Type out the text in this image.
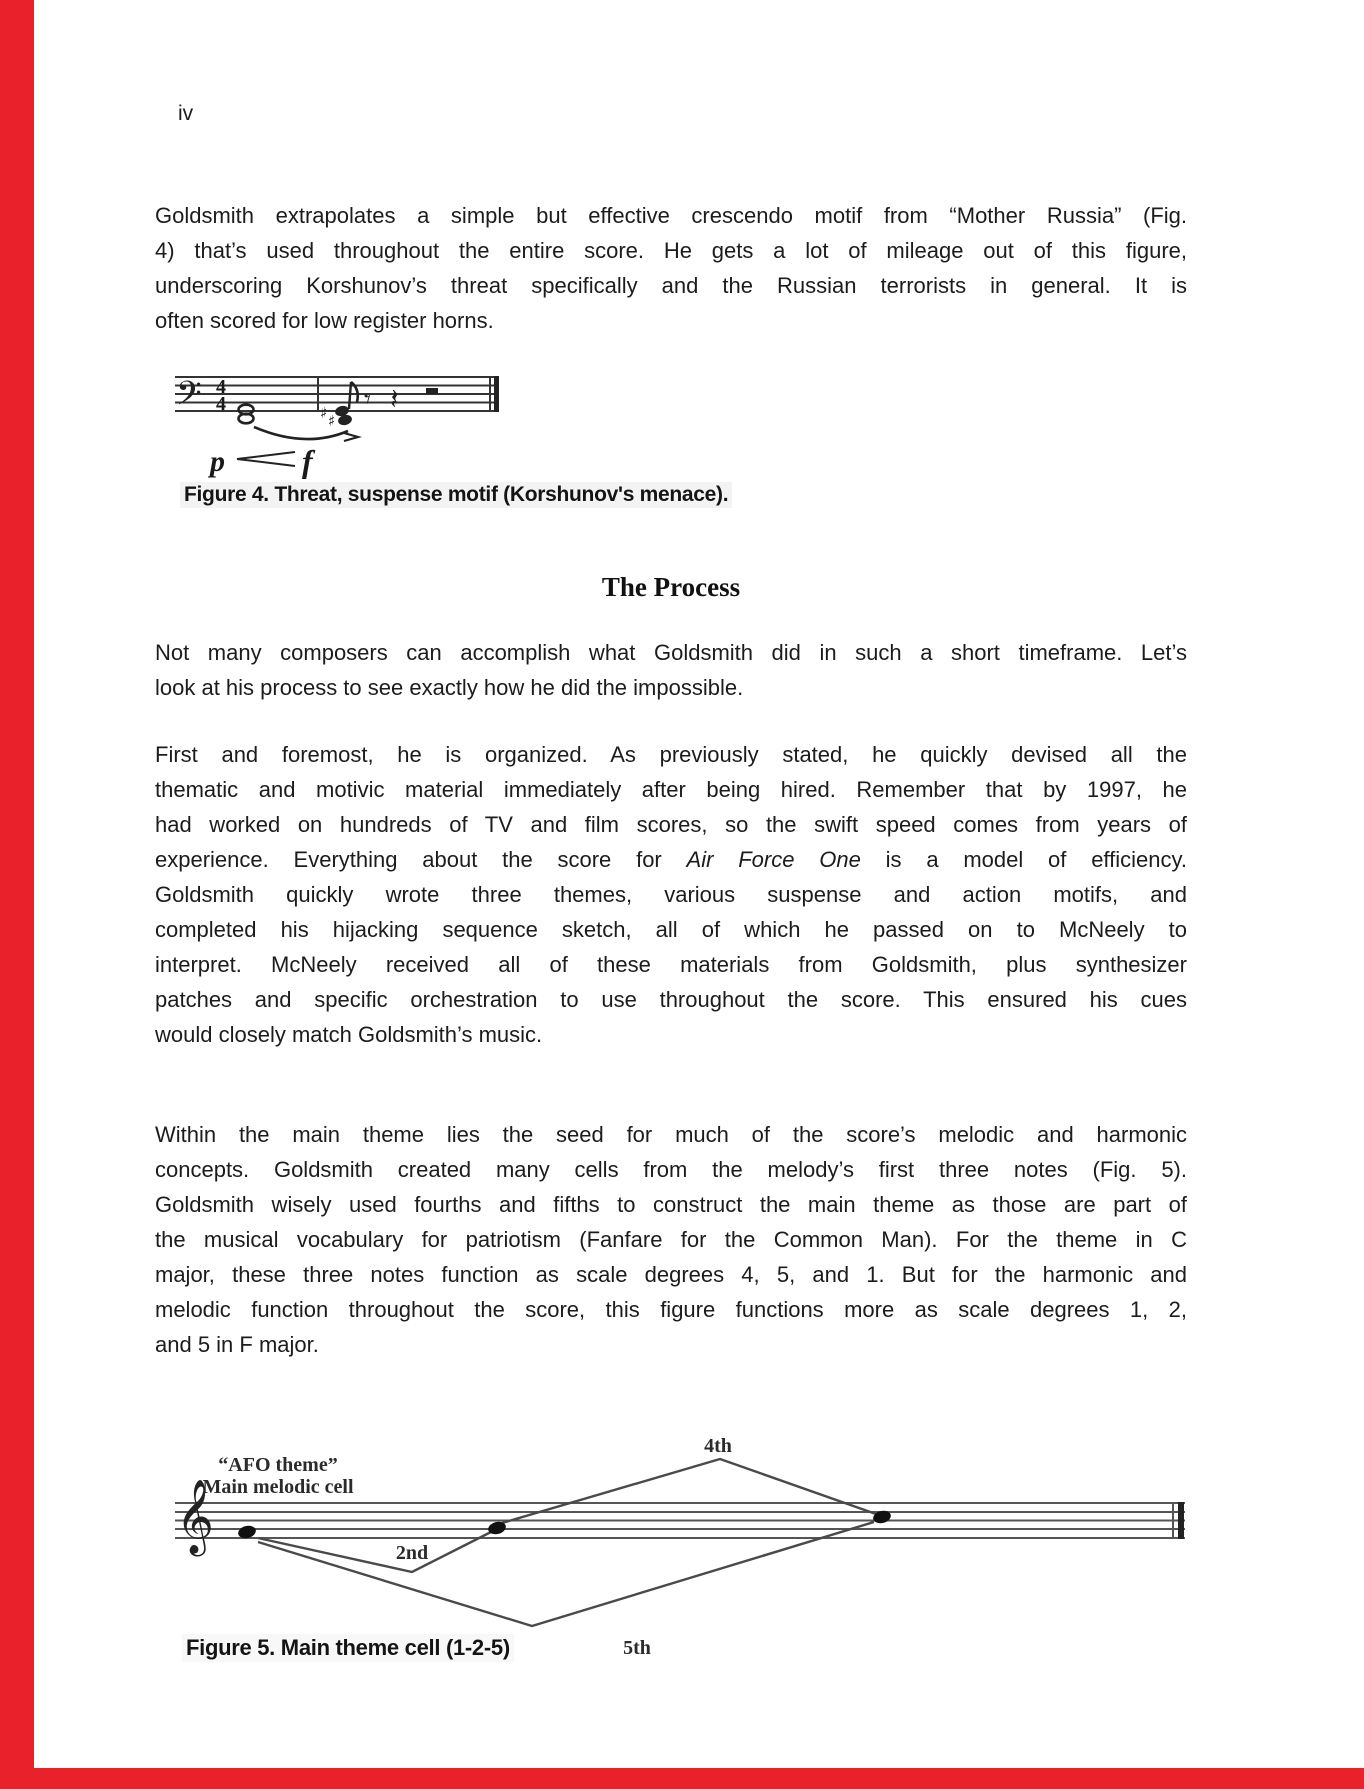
iv
Goldsmith extrapolates a simple but effective crescendo motif from “Mother Russia” (Fig.
4) that’s used throughout the entire score. He gets a lot of mileage out of this figure,
underscoring Korshunov’s threat specifically and the Russian terrorists in general. It is
often scored for low register horns.
𝄢 4
4	♯ ♯
𝄾 𝄽
p f
Figure 4. Threat, suspense motif (Korshunov's menace).
The Process
Not many composers can accomplish what Goldsmith did in such a short timeframe. Let’s
look at his process to see exactly how he did the impossible.
First and foremost, he is organized. As previously stated, he quickly devised all the
thematic and motivic material immediately after being hired. Remember that by 1997, he
had worked on hundreds of TV and film scores, so the swift speed comes from years of
experience. Everything about the score for Air Force One is a model of efficiency.
Goldsmith quickly wrote three themes, various suspense and action motifs, and
completed his hijacking sequence sketch, all of which he passed on to McNeely to
interpret. McNeely received all of these materials from Goldsmith, plus synthesizer
patches and specific orchestration to use throughout the score. This ensured his cues
would closely match Goldsmith’s music.
Within the main theme lies the seed for much of the score’s melodic and harmonic
concepts. Goldsmith created many cells from the melody’s first three notes (Fig. 5).
Goldsmith wisely used fourths and fifths to construct the main theme as those are part of
the musical vocabulary for patriotism (Fanfare for the Common Man). For the theme in C
major, these three notes function as scale degrees 4, 5, and 1. But for the harmonic and
melodic function throughout the score, this figure functions more as scale degrees 1, 2,
and 5 in F major.
𝄞
“AFO theme”
Main melodic cell
4th
2nd
5th
Figure 5. Main theme cell (1-2-5)
